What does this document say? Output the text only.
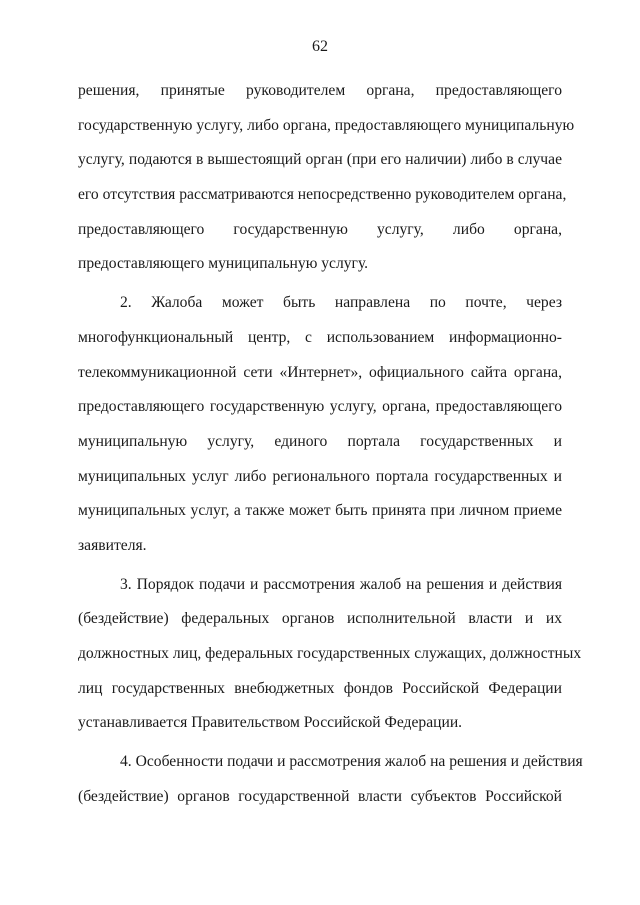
62
решения, принятые руководителем органа, предоставляющего
государственную услугу, либо органа, предоставляющего муниципальную
услугу, подаются в вышестоящий орган (при его наличии) либо в случае
его отсутствия рассматриваются непосредственно руководителем органа,
предоставляющего государственную услугу, либо органа,
предоставляющего муниципальную услугу.
2. Жалоба может быть направлена по почте, через
многофункциональный центр, с использованием информационно-
телекоммуникационной сети «Интернет», официального сайта органа,
предоставляющего государственную услугу, органа, предоставляющего
муниципальную услугу, единого портала государственных и
муниципальных услуг либо регионального портала государственных и
муниципальных услуг, а также может быть принята при личном приеме
заявителя.
3. Порядок подачи и рассмотрения жалоб на решения и действия
(бездействие) федеральных органов исполнительной власти и их
должностных лиц, федеральных государственных служащих, должностных
лиц государственных внебюджетных фондов Российской Федерации
устанавливается Правительством Российской Федерации.
4. Особенности подачи и рассмотрения жалоб на решения и действия
(бездействие) органов государственной власти субъектов Российской
